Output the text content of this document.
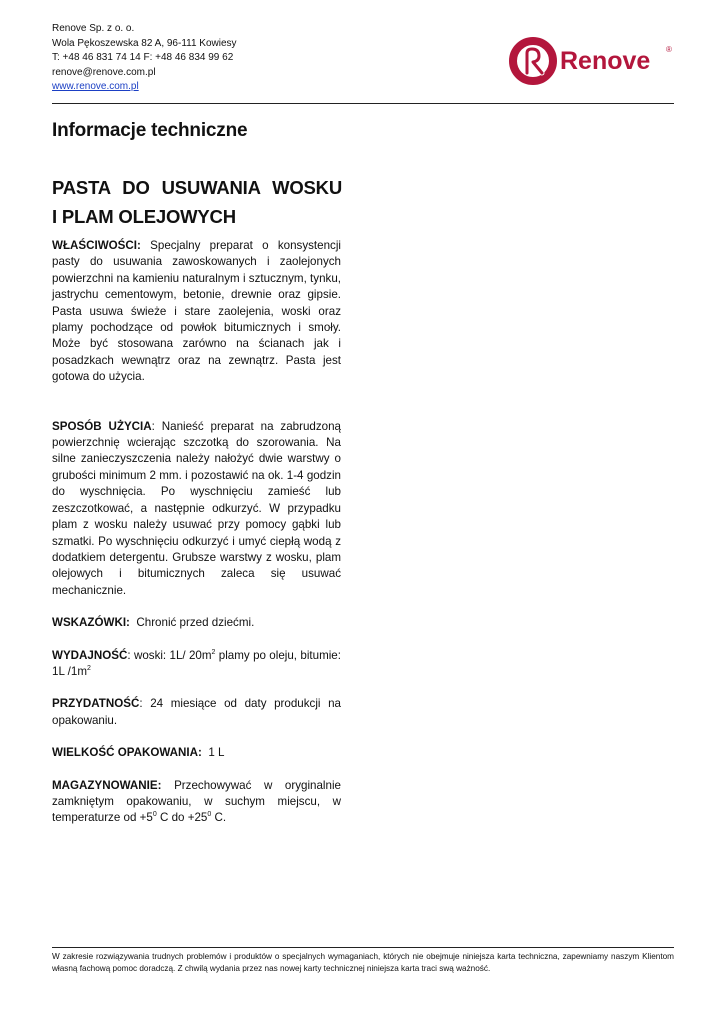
Renove Sp. z o. o.
Wola Pękoszewska 82 A, 96-111 Kowiesy
T: +48 46 831 74 14 F: +48 46 834 99 62
renove@renove.com.pl
www.renove.com.pl
Renove ®
Informacje techniczne
PASTA DO USUWANIA WOSKU
I PLAM OLEJOWYCH

WŁAŚCIWOŚCI: Specjalny preparat o konsystencji pasty do usuwania zawoskowanych i zaolejonych powierzchni na kamieniu naturalnym i sztucznym, tynku, jastrychu cementowym, betonie, drewnie oraz gipsie. Pasta usuwa świeże i stare zaolejenia, woski oraz plamy pochodzące od powłok bitumicznych i smoły. Może być stosowana zarówno na ścianach jak i posadzkach wewnątrz oraz na zewnątrz. Pasta jest gotowa do użycia.

SPOSÓB UŻYCIA: Nanieść preparat na zabrudzoną powierzchnię wcierając szczotką do szorowania. Na silne zanieczyszczenia należy nałożyć dwie warstwy o grubości minimum 2 mm. i pozostawić na ok. 1-4 godzin do wyschnięcia. Po wyschnięciu zamieść lub zeszczotkować, a następnie odkurzyć. W przypadku plam z wosku należy usuwać przy pomocy gąbki lub szmatki. Po wyschnięciu odkurzyć i umyć ciepłą wodą z dodatkiem detergentu. Grubsze warstwy z wosku, plam olejowych i bitumicznych zaleca się usuwać mechanicznie.

WSKAZÓWKI: Chronić przed dziećmi.

WYDAJNOŚĆ: woski: 1L/ $20m^2$ plamy po oleju, bitumie: 1L $/1m^2$

PRZYDATNOŚĆ: 24 miesiące od daty produkcji na opakowaniu.

WIELKOŚĆ OPAKOWANIA: 1 L

MAGAZYNOWANIE: Przechowywać w oryginalnie zamkniętym opakowaniu, w suchym miejscu, w temperaturze od $+5^0$ C do $+25^0$ C.

W zakresie rozwiązywania trudnych problemów i produktów o specjalnych wymaganiach, których nie obejmuje niniejsza karta techniczna, zapewniamy naszym Klientom własną fachową pomoc doradczą. Z chwilą wydania przez nas nowej karty technicznej niniejsza karta traci swą ważność.
